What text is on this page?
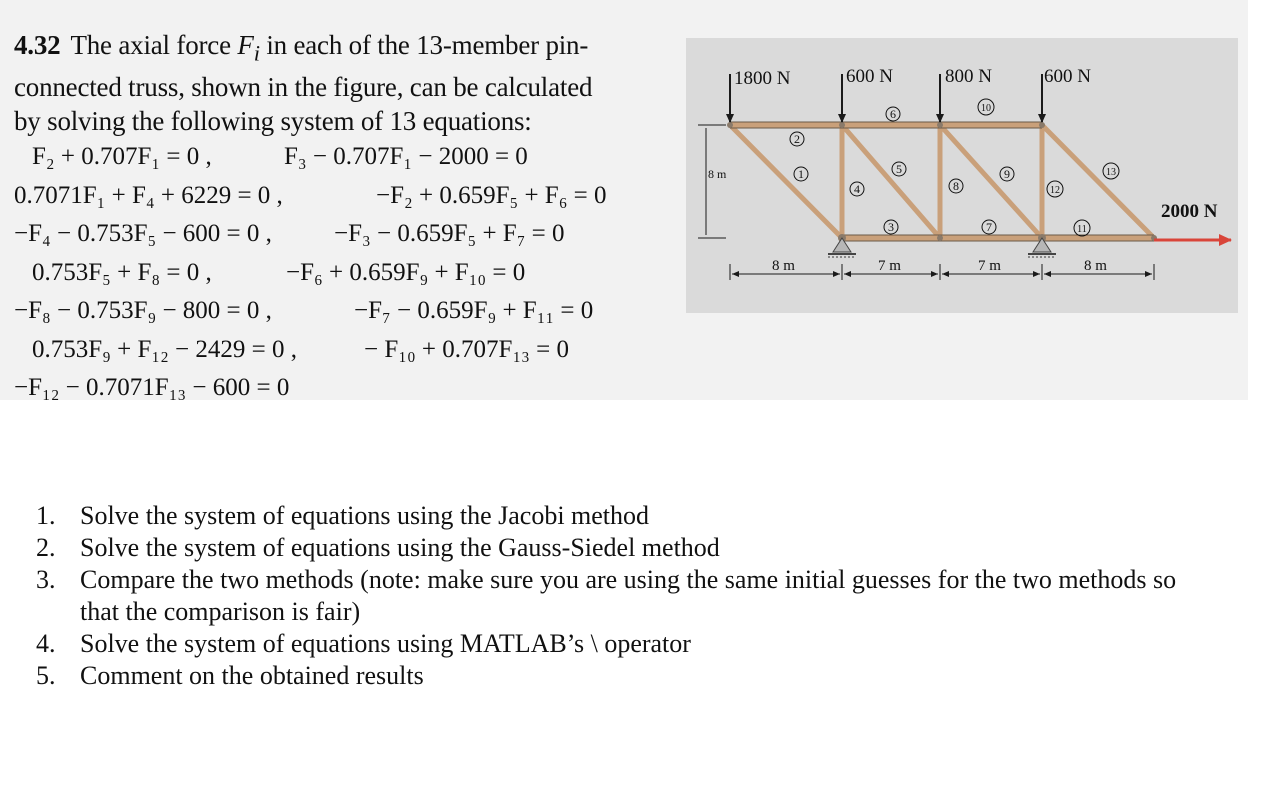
4.32 The axial force $F_i$ in each of the 13-member pin-
connected truss, shown in the figure, can be calculated
by solving the following system of 13 equations:
F₂ + 0.707F₁ = 0 ,	F₃ − 0.707F₁ − 2000 = 0
0.7071F₁ + F₄ + 6229 = 0 ,	−F₂ + 0.659F₅ + F₆ = 0
−F₄ − 0.753F₅ − 600 = 0 , −F₃ − 0.659F₅ + F₇ = 0
0.753F₅ + F₈ = 0 ,	−F₆ + 0.659F₉ + F₁₀ = 0
−F₈ − 0.753F₉ − 800 = 0 ,	−F₇ − 0.659F₉ + F₁₁ = 0
0.753F₉ + F₁₂ − 2429 = 0 ,	− F₁₀ + 0.707F₁₃ = 0
−F₁₂ − 0.7071F₁₃ − 600 = 0
1800 N	600 N	800 N	600 N
2000 N
8 m
8 m	7 m	7 m	8 m
1
2
3
4
5
6
7
8
9
10
11
12
13
1. Solve the system of equations using the Jacobi method
2. Solve the system of equations using the Gauss-Siedel method
3. Compare the two methods (note: make sure you are using the same initial guesses for the two methods so
that the comparison is fair)
4. Solve the system of equations using MATLAB’s \ operator
5. Comment on the obtained results
